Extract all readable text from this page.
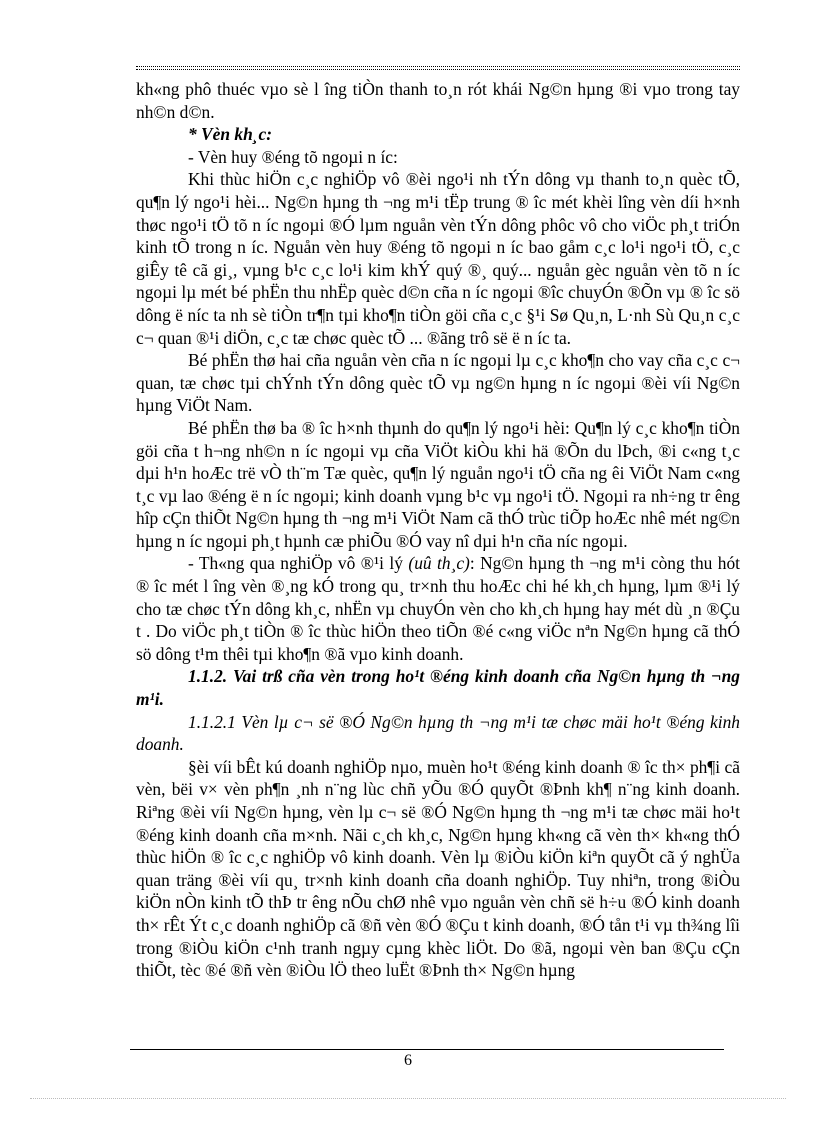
kh«ng phô thuéc vµo sè l îng tiÒn thanh to¸n rót khái Ng©n hµng ®i vµo trong tay nh©n d©n.

* Vèn kh¸c:

- Vèn huy ®éng tõ ngoµi n íc:

Khi thùc hiÖn c¸c nghiÖp vô ®èi ngo¹i nh tÝn dông vµ thanh to¸n quèc tÕ, qu¶n lý ngo¹i hèi... Ng©n hµng th ¬ng m¹i tËp trung ® îc mét khèi lîng vèn díi h×nh thøc ngo¹i tÖ tõ n íc ngoµi ®Ó lµm nguån vèn tÝn dông phôc vô cho viÖc ph¸t triÓn kinh tÕ trong n íc. Nguån vèn huy ®éng tõ ngoµi n íc bao gåm c¸c lo¹i ngo¹i tÖ, c¸c giÊy tê cã gi¸, vµng b¹c c¸c lo¹i kim khÝ quý ®¸ quý... nguån gèc nguån vèn tõ n íc ngoµi lµ mét bé phËn thu nhËp quèc d©n cña n íc ngoµi ®îc chuyÓn ®Õn vµ ® îc sö dông ë níc ta nh sè tiÒn tr¶n tµi kho¶n tiÒn göi cña c¸c §¹i Sø Qu¸n, L·nh Sù Qu¸n c¸c c¬ quan ®¹i diÖn, c¸c tæ chøc quèc tÕ ... ®ãng trô së ë n íc ta.

Bé phËn thø hai cña nguån vèn cña n íc ngoµi lµ c¸c kho¶n cho vay cña c¸c c¬ quan, tæ chøc tµi chÝnh tÝn dông quèc tÕ vµ ng©n hµng n íc ngoµi ®èi víi Ng©n hµng ViÖt Nam.

Bé phËn thø ba ® îc h×nh thµnh do qu¶n lý ngo¹i hèi: Qu¶n lý c¸c kho¶n tiÒn göi cña t h¬ng nh©n n íc ngoµi vµ cña ViÖt kiÒu khi hä ®Õn du lÞch, ®i c«ng t¸c dµi h¹n hoÆc trë vÒ th¨m Tæ quèc, qu¶n lý nguån ngo¹i tÖ cña ng êi ViÖt Nam c«ng t¸c vµ lao ®éng ë n íc ngoµi; kinh doanh vµng b¹c vµ ngo¹i tÖ. Ngoµi ra nh÷ng tr êng hîp cÇn thiÕt Ng©n hµng th ¬ng m¹i ViÖt Nam cã thÓ trùc tiÕp hoÆc nhê mét ng©n hµng n íc ngoµi ph¸t hµnh cæ phiÕu ®Ó vay nî dµi h¹n cña níc ngoµi.

- Th«ng qua nghiÖp vô ®¹i lý (uû th¸c): Ng©n hµng th ¬ng m¹i còng thu hót ® îc mét l îng vèn ®¸ng kÓ trong qu¸ tr×nh thu hoÆc chi hé kh¸ch hµng, lµm ®¹i lý cho tæ chøc tÝn dông kh¸c, nhËn vµ chuyÓn vèn cho kh¸ch hµng hay mét dù ¸n ®Çu t . Do viÖc ph¸t tiÒn ® îc thùc hiÖn theo tiÕn ®é c«ng viÖc nªn Ng©n hµng cã thÓ sö dông t¹m thêi tµi kho¶n ®ã vµo kinh doanh.

1.1.2. Vai trß cña vèn trong ho¹t ®éng kinh doanh cña Ng©n hµng th ¬ng m¹i.

1.1.2.1 Vèn lµ c¬ së ®Ó Ng©n hµng th ¬ng m¹i tæ chøc mäi ho¹t ®éng kinh doanh.

§èi víi bÊt kú doanh nghiÖp nµo, muèn ho¹t ®éng kinh doanh ® îc th× ph¶i cã vèn, bëi v× vèn ph¶n ¸nh n¨ng lùc chñ yÕu ®Ó quyÕt ®Þnh kh¶ n¨ng kinh doanh. Riªng ®èi víi Ng©n hµng, vèn lµ c¬ së ®Ó Ng©n hµng th ¬ng m¹i tæ chøc mäi ho¹t ®éng kinh doanh cña m×nh. Nãi c¸ch kh¸c, Ng©n hµng kh«ng cã vèn th× kh«ng thÓ thùc hiÖn ® îc c¸c nghiÖp vô kinh doanh. Vèn lµ ®iÒu kiÖn kiªn quyÕt cã ý nghÜa quan träng ®èi víi qu¸ tr×nh kinh doanh cña doanh nghiÖp. Tuy nhiªn, trong ®iÒu kiÖn nÒn kinh tÕ thÞ tr êng nÕu chØ nhê vµo nguån vèn chñ së h÷u ®Ó kinh doanh th× rÊt Ýt c¸c doanh nghiÖp cã ®ñ vèn ®Ó ®Çu t kinh doanh, ®Ó tån t¹i vµ th¾ng lîi trong ®iÒu kiÖn c¹nh tranh ngµy cµng khèc liÖt. Do ®ã, ngoµi vèn ban ®Çu cÇn thiÕt, tèc ®é ®ñ vèn ®iÒu lÖ theo luËt ®Þnh th× Ng©n hµng

6
